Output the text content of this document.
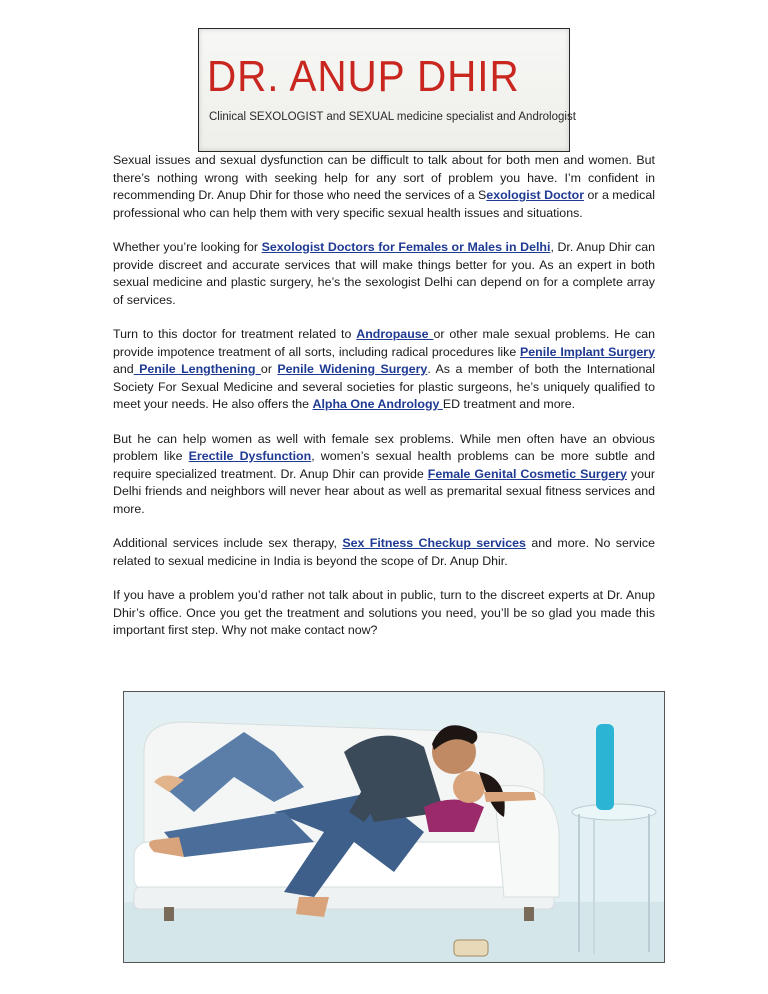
DR. ANUP DHIR
Clinical SEXOLOGIST and SEXUAL medicine specialist and Andrologist

Sexual issues and sexual dysfunction can be difficult to talk about for both men and women. But there’s nothing wrong with seeking help for any sort of problem you have. I’m confident in recommending Dr. Anup Dhir for those who need the services of a Sexologist Doctor or a medical professional who can help them with very specific sexual health issues and situations.

Whether you’re looking for Sexologist Doctors for Females or Males in Delhi, Dr. Anup Dhir can provide discreet and accurate services that will make things better for you. As an expert in both sexual medicine and plastic surgery, he’s the sexologist Delhi can depend on for a complete array of services.

Turn to this doctor for treatment related to Andropause or other male sexual problems. He can provide impotence treatment of all sorts, including radical procedures like Penile Implant Surgery and Penile Lengthening or Penile Widening Surgery. As a member of both the International Society For Sexual Medicine and several societies for plastic surgeons, he’s uniquely qualified to meet your needs. He also offers the Alpha One Andrology ED treatment and more.

But he can help women as well with female sex problems. While men often have an obvious problem like Erectile Dysfunction, women’s sexual health problems can be more subtle and require specialized treatment. Dr. Anup Dhir can provide Female Genital Cosmetic Surgery your Delhi friends and neighbors will never hear about as well as premarital sexual fitness services and more.

Additional services include sex therapy, Sex Fitness Checkup services and more. No service related to sexual medicine in India is beyond the scope of Dr. Anup Dhir.

If you have a problem you’d rather not talk about in public, turn to the discreet experts at Dr. Anup Dhir’s office. Once you get the treatment and solutions you need, you’ll be so glad you made this important first step. Why not make contact now?
